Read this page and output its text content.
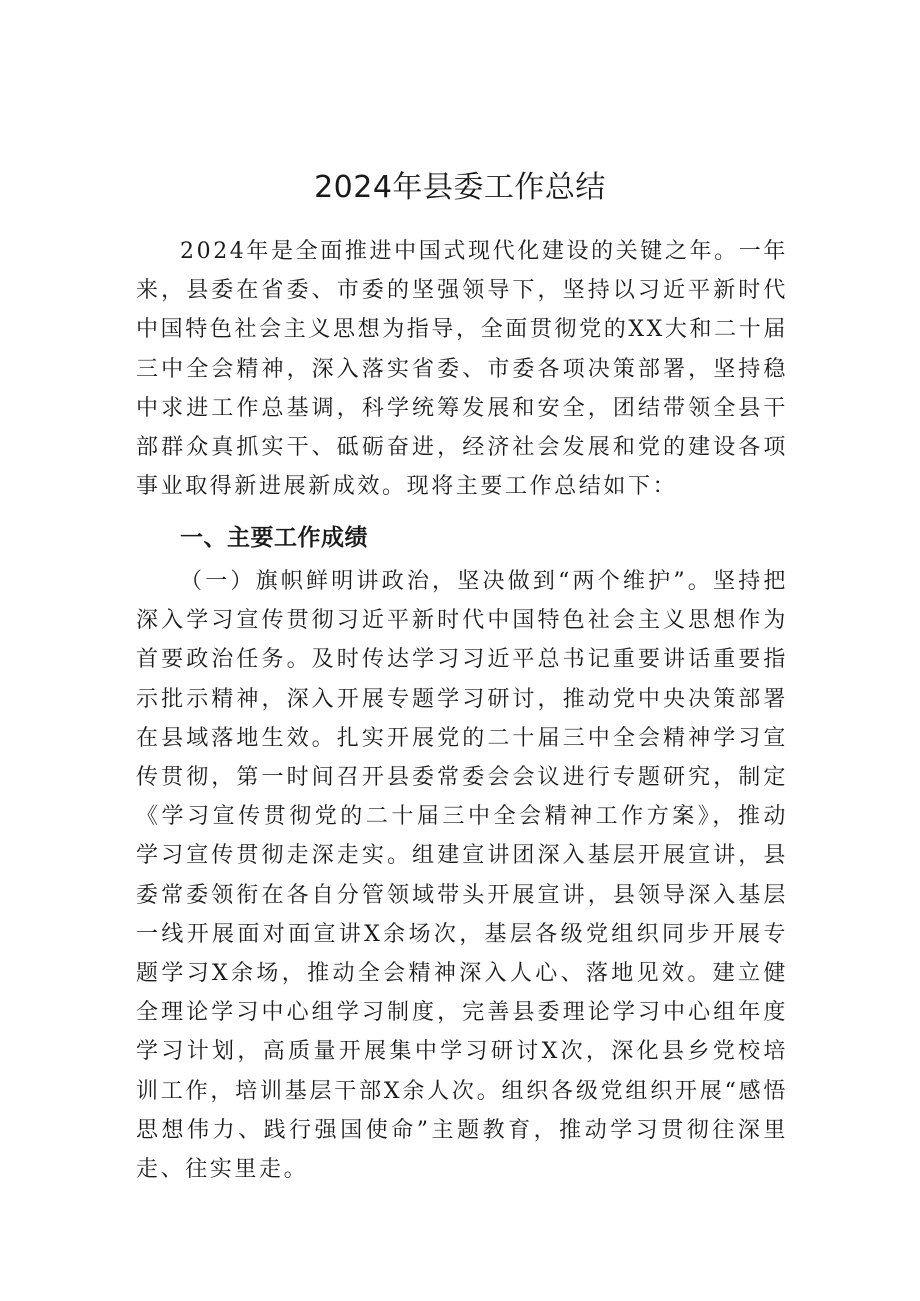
2024年县委工作总结

2024年是全面推进中国式现代化建设的关键之年。一年来，县委在省委、市委的坚强领导下，坚持以习近平新时代中国特色社会主义思想为指导，全面贯彻党的XX大和二十届三中全会精神，深入落实省委、市委各项决策部署，坚持稳中求进工作总基调，科学统筹发展和安全，团结带领全县干部群众真抓实干、砥砺奋进，经济社会发展和党的建设各项事业取得新进展新成效。现将主要工作总结如下：

一、主要工作成绩

（一）旗帜鲜明讲政治，坚决做到“两个维护”。坚持把深入学习宣传贯彻习近平新时代中国特色社会主义思想作为首要政治任务。及时传达学习习近平总书记重要讲话重要指示批示精神，深入开展专题学习研讨，推动党中央决策部署在县域落地生效。扎实开展党的二十届三中全会精神学习宣传贯彻，第一时间召开县委常委会会议进行专题研究，制定《学习宣传贯彻党的二十届三中全会精神工作方案》，推动学习宣传贯彻走深走实。组建宣讲团深入基层开展宣讲，县委常委领衔在各自分管领域带头开展宣讲，县领导深入基层一线开展面对面宣讲X余场次，基层各级党组织同步开展专题学习X余场，推动全会精神深入人心、落地见效。建立健全理论学习中心组学习制度，完善县委理论学习中心组年度学习计划，高质量开展集中学习研讨X次，深化县乡党校培训工作，培训基层干部X余人次。组织各级党组织开展“感悟思想伟力、践行强国使命”主题教育，推动学习贯彻往深里走、往实里走。
